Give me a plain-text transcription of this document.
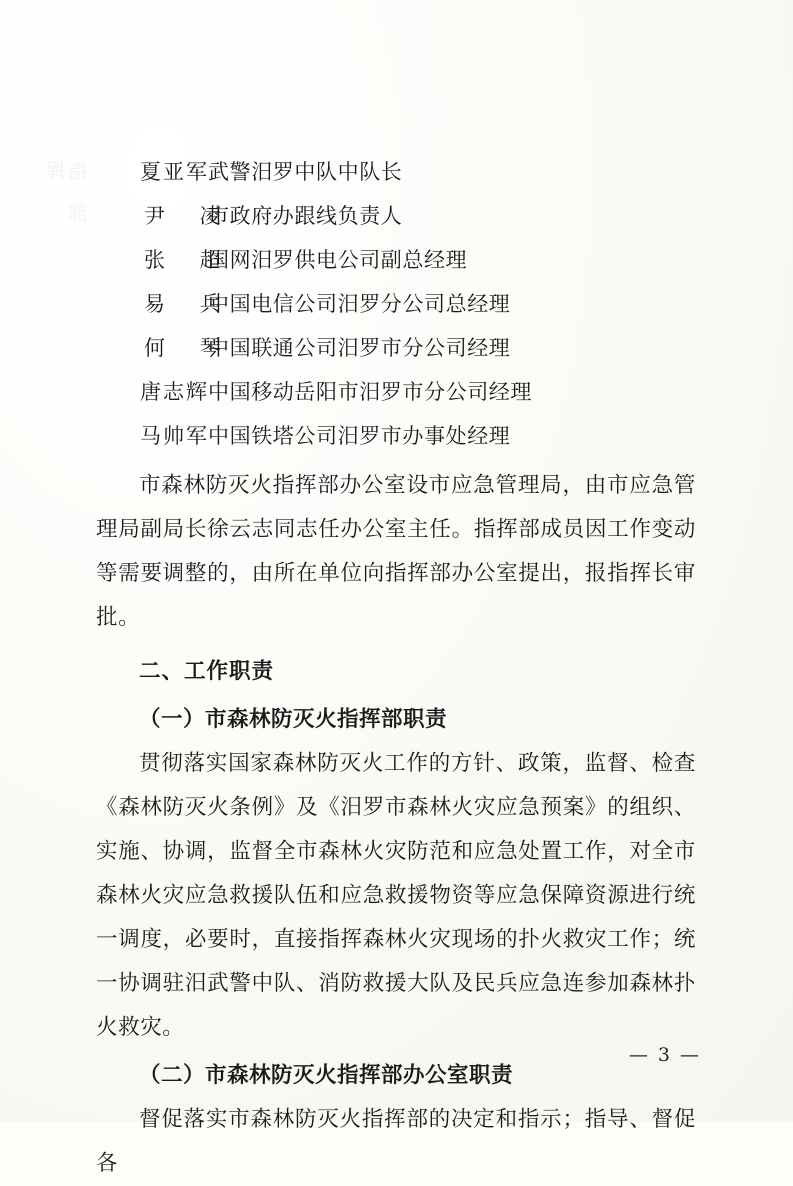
指挥部
夏亚军 武警汨罗中队中队长
尹 凌
市政府办跟线负责人
张 超
国网汨罗供电公司副总经理
易 兵
中国电信公司汨罗分公司总经理
何 琴
中国联通公司汨罗市分公司经理
唐志辉 中国移动岳阳市汨罗市分公司经理
马帅军 中国铁塔公司汨罗市办事处经理

市森林防灭火指挥部办公室设市应急管理局，由市应急管理局副局长徐云志同志任办公室主任。指挥部成员因工作变动等需要调整的，由所在单位向指挥部办公室提出，报指挥长审批。

二、工作职责
（一）市森林防灭火指挥部职责

贯彻落实国家森林防灭火工作的方针、政策，监督、检查《森林防灭火条例》及《汨罗市森林火灾应急预案》的组织、实施、协调，监督全市森林火灾防范和应急处置工作，对全市森林火灾应急救援队伍和应急救援物资等应急保障资源进行统一调度，必要时，直接指挥森林火灾现场的扑火救灾工作；统一协调驻汨武警中队、消防救援大队及民兵应急连参加森林扑火救灾。

（二）市森林防灭火指挥部办公室职责

督促落实市森林防灭火指挥部的决定和指示；指导、督促各

— 3 —
